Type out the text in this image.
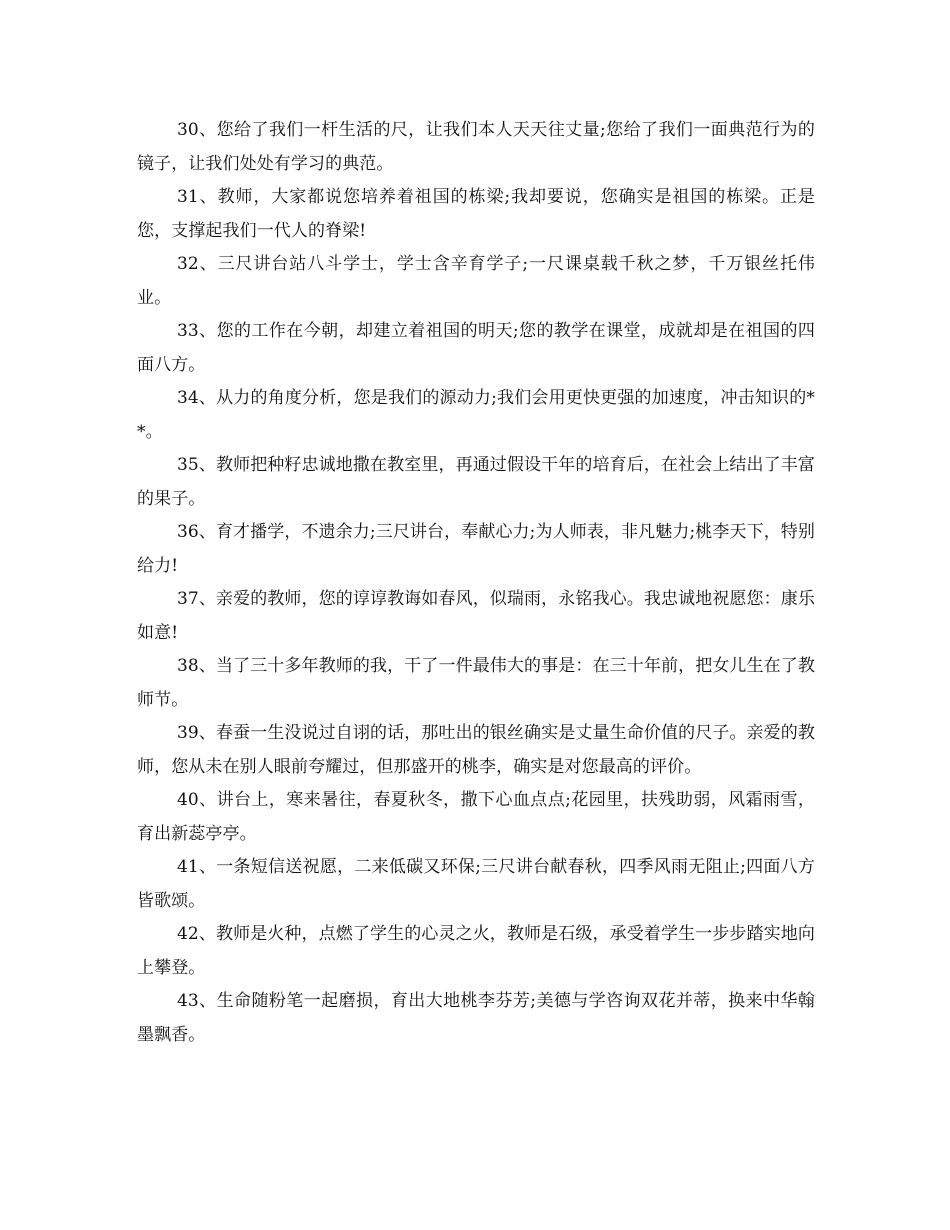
30、您给了我们一杆生活的尺，让我们本人天天往丈量;您给了我们一面典范行为的镜子，让我们处处有学习的典范。

31、教师，大家都说您培养着祖国的栋梁;我却要说，您确实是祖国的栋梁。正是您，支撑起我们一代人的脊梁!

32、三尺讲台站八斗学士，学士含辛育学子;一尺课桌载千秋之梦，千万银丝托伟业。

33、您的工作在今朝，却建立着祖国的明天;您的教学在课堂，成就却是在祖国的四面八方。

34、从力的角度分析，您是我们的源动力;我们会用更快更强的加速度，冲击知识的**。

35、教师把种籽忠诚地撒在教室里，再通过假设干年的培育后，在社会上结出了丰富的果子。

36、育才播学，不遗余力;三尺讲台，奉献心力;为人师表，非凡魅力;桃李天下，特别给力!

37、亲爱的教师，您的谆谆教诲如春风，似瑞雨，永铭我心。我忠诚地祝愿您：康乐如意!

38、当了三十多年教师的我，干了一件最伟大的事是：在三十年前，把女儿生在了教师节。

39、春蚕一生没说过自诩的话，那吐出的银丝确实是丈量生命价值的尺子。亲爱的教师，您从未在别人眼前夸耀过，但那盛开的桃李，确实是对您最高的评价。

40、讲台上，寒来暑往，春夏秋冬，撒下心血点点;花园里，扶残助弱，风霜雨雪，育出新蕊亭亭。

41、一条短信送祝愿，二来低碳又环保;三尺讲台献春秋，四季风雨无阻止;四面八方皆歌颂。

42、教师是火种，点燃了学生的心灵之火，教师是石级，承受着学生一步步踏实地向上攀登。

43、生命随粉笔一起磨损，育出大地桃李芬芳;美德与学咨询双花并蒂，换来中华翰墨飘香。
